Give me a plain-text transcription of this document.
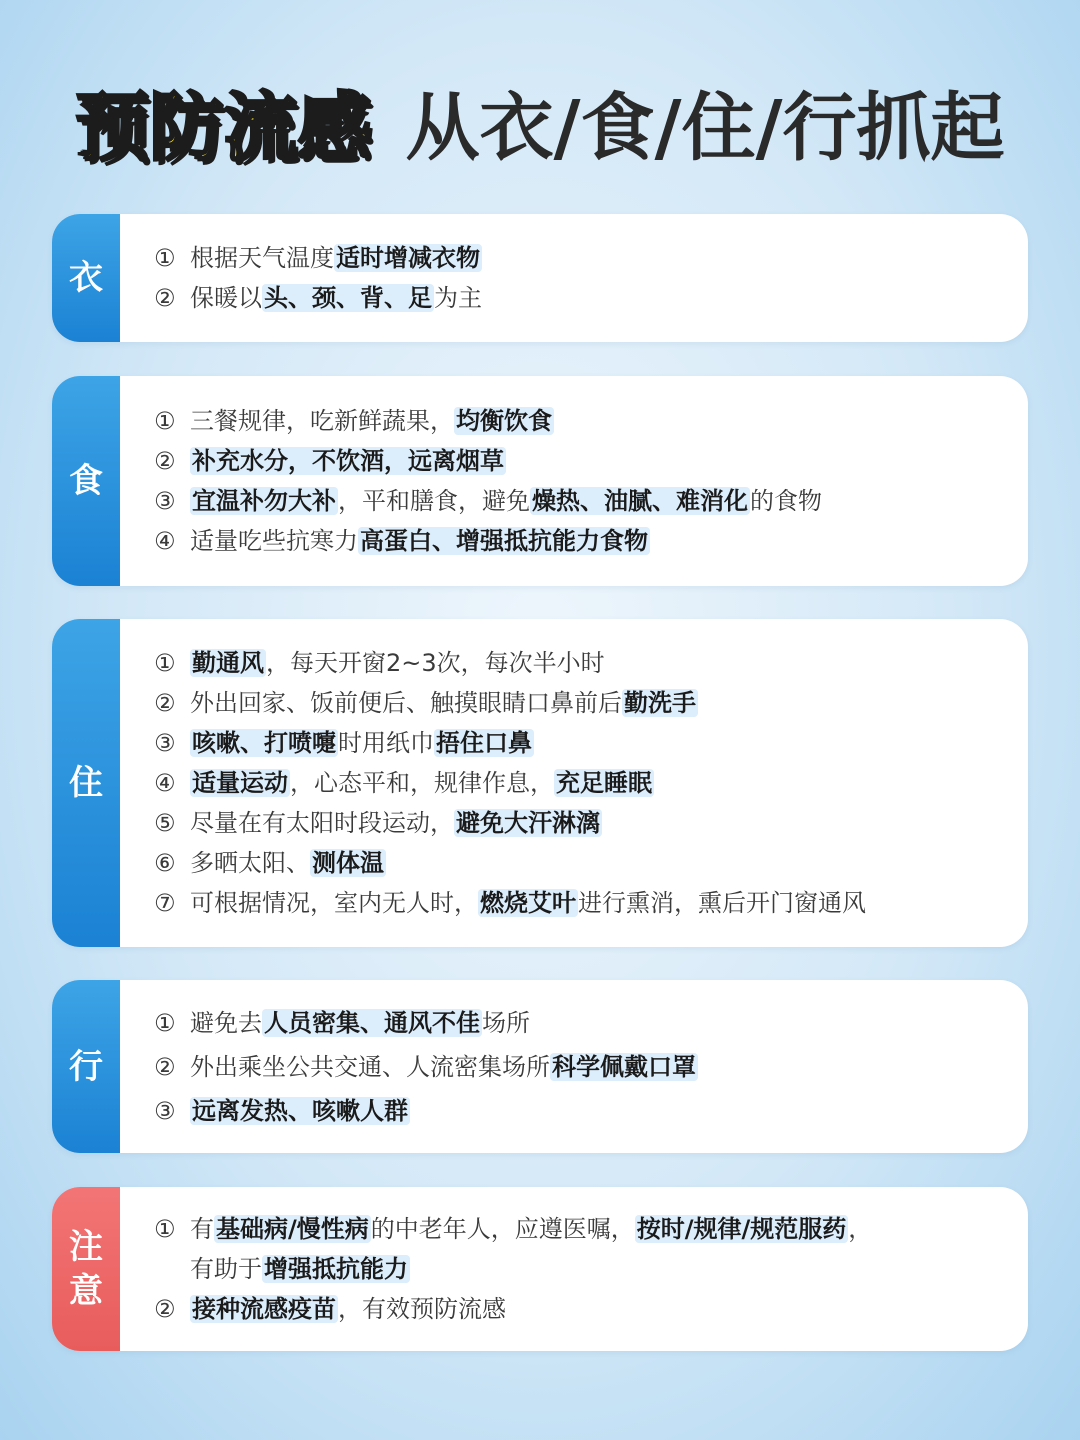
预防流感 从衣/食/住/行抓起
衣 ① 根据天气温度适时增减衣物
② 保暖以头、颈、背、足为主
食
① 三餐规律，吃新鲜蔬果，均衡饮食
② 补充水分，不饮酒，远离烟草
③ 宜温补勿大补，平和膳食，避免燥热、油腻、难消化的食物
④ 适量吃些抗寒力高蛋白、增强抵抗能力食物
住
① 勤通风，每天开窗2~3次，每次半小时
② 外出回家、饭前便后、触摸眼睛口鼻前后勤洗手
③ 咳嗽、打喷嚏时用纸巾捂住口鼻
④ 适量运动，心态平和，规律作息，充足睡眠
⑤ 尽量在有太阳时段运动，避免大汗淋漓
⑥ 多晒太阳、测体温
⑦ 可根据情况，室内无人时，燃烧艾叶进行熏消，熏后开门窗通风
行
① 避免去人员密集、通风不佳场所
② 外出乘坐公共交通、人流密集场所科学佩戴口罩
③ 远离发热、咳嗽人群
注意
① 有基础病/慢性病的中老年人，应遵医嘱，按时/规律/规范服药，
有助于增强抵抗能力
② 接种流感疫苗，有效预防流感
